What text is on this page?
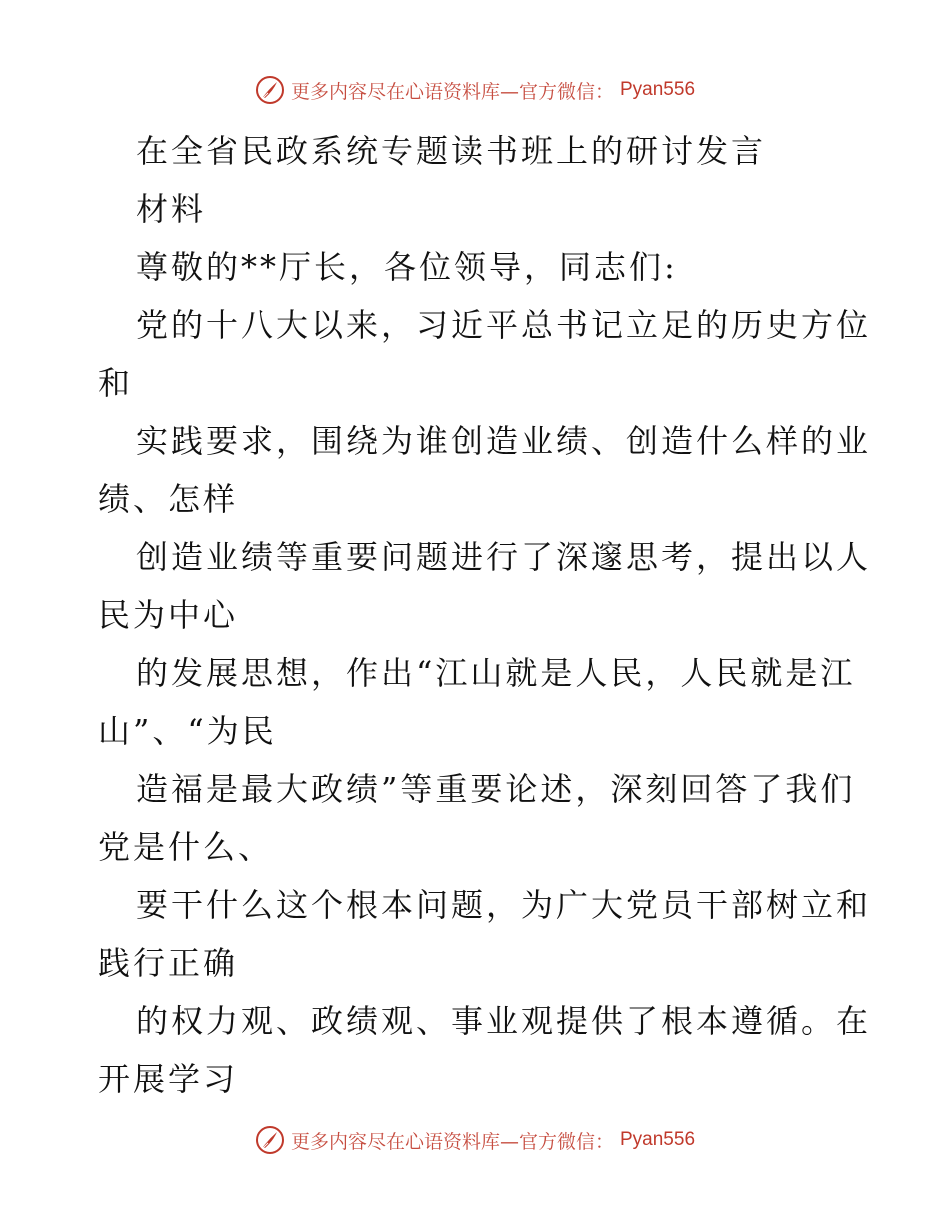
更多内容尽在心语资料库—官方微信： Pyan556
在全省民政系统专题读书班上的研讨发言
材料
尊敬的**厅长，各位领导，同志们:
党的十八大以来，习近平总书记立足的历史方位
和
实践要求，围绕为谁创造业绩、创造什么样的业
绩、怎样
创造业绩等重要问题进行了深邃思考，提出以人
民为中心
的发展思想，作出“江山就是人民，人民就是江
山”、“为民
造福是最大政绩”等重要论述，深刻回答了我们
党是什么、
要干什么这个根本问题，为广大党员干部树立和
践行正确
的权力观、政绩观、事业观提供了根本遵循。在
开展学习
更多内容尽在心语资料库—官方微信： Pyan556
